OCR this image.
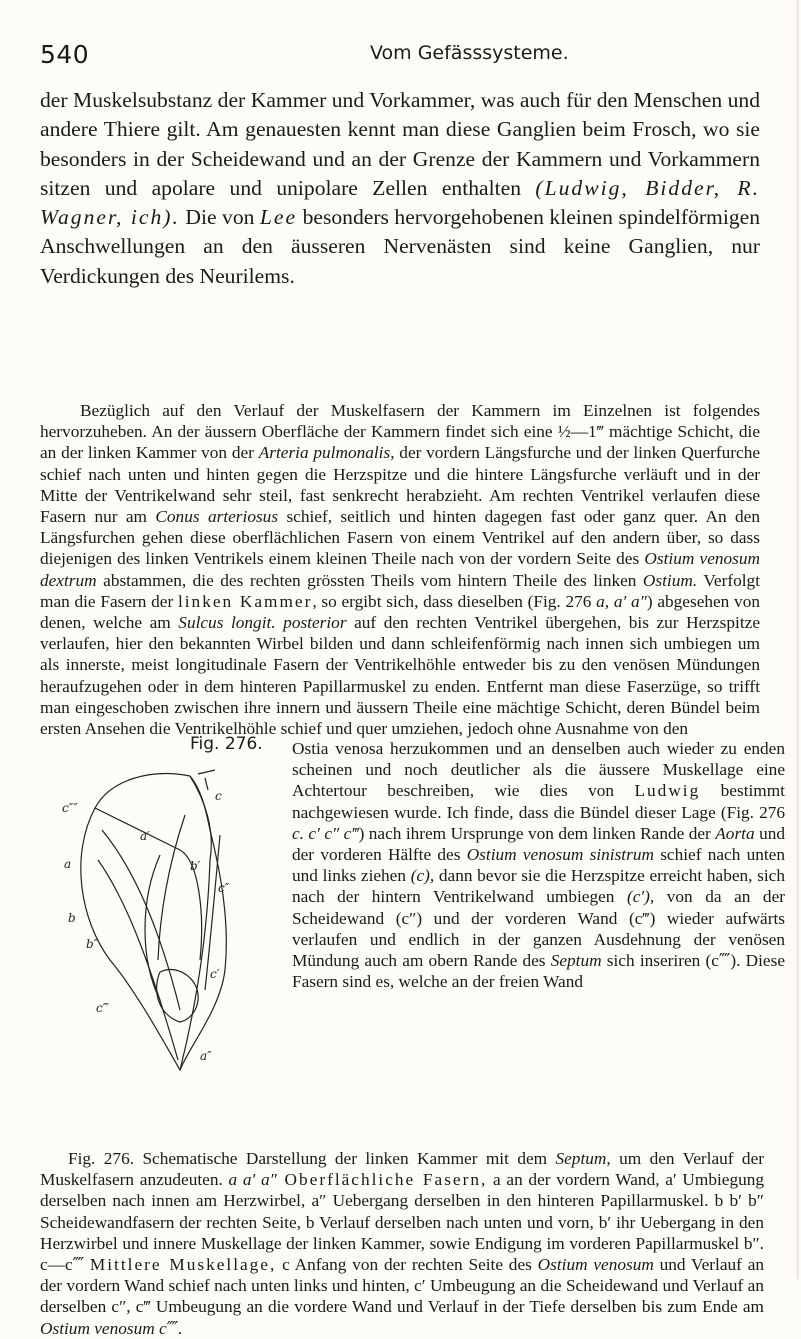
540	Vom Gefässsysteme.

der Muskelsubstanz der Kammer und Vorkammer, was auch für den Menschen und andere Thiere gilt. Am genauesten kennt man diese Ganglien beim Frosch, wo sie besonders in der Scheidewand und an der Grenze der Kammern und Vorkammern sitzen und apolare und unipolare Zellen enthalten (Ludwig, Bidder, R. Wagner, ich). Die von Lee besonders hervorgehobenen kleinen spindelförmigen Anschwellungen an den äusseren Nervenästen sind keine Ganglien, nur Verdickungen des Neurilems.

Bezüglich auf den Verlauf der Muskelfasern der Kammern im Einzelnen ist folgendes hervorzuheben. An der äussern Oberfläche der Kammern findet sich eine ½—1‴ mächtige Schicht, die an der linken Kammer von der Arteria pulmonalis, der vordern Längsfurche und der linken Querfurche schief nach unten und hinten gegen die Herzspitze und die hintere Längsfurche verläuft und in der Mitte der Ventrikelwand sehr steil, fast senkrecht herabzieht. Am rechten Ventrikel verlaufen diese Fasern nur am Conus arteriosus schief, seitlich und hinten dagegen fast oder ganz quer. An den Längsfurchen gehen diese oberflächlichen Fasern von einem Ventrikel auf den andern über, so dass diejenigen des linken Ventrikels einem kleinen Theile nach von der vordern Seite des Ostium venosum dextrum abstammen, die des rechten grössten Theils vom hintern Theile des linken Ostium. Verfolgt man die Fasern der linken Kammer, so ergibt sich, dass dieselben (Fig. 276 a, a′ a″) abgesehen von denen, welche am Sulcus longit. posterior auf den rechten Ventrikel übergehen, bis zur Herzspitze verlaufen, hier den bekannten Wirbel bilden und dann schleifenförmig nach innen sich umbiegen um als innerste, meist longitudinale Fasern der Ventrikelhöhle entweder bis zu den venösen Mündungen heraufzugehen oder in dem hinteren Papillarmuskel zu enden. Entfernt man diese Faserzüge, so trifft man eingeschoben zwischen ihre innern und äussern Theile eine mächtige Schicht, deren Bündel beim ersten Ansehen die Ventrikelhöhle schief und quer umziehen, jedoch ohne Ausnahme von den

Fig. 276.
c
c″″
a
a′
b
b′
b″
c′
c″
c‴
a″

Ostia venosa herzukommen und an denselben auch wieder zu enden scheinen und noch deutlicher als die äussere Muskellage eine Achtertour beschreiben, wie dies von Ludwig bestimmt nachgewiesen wurde. Ich finde, dass die Bündel dieser Lage (Fig. 276 c. c′ c″ c‴) nach ihrem Ursprunge von dem linken Rande der Aorta und der vorderen Hälfte des Ostium venosum sinistrum schief nach unten und links ziehen (c), dann bevor sie die Herzspitze erreicht haben, sich nach der hintern Ventrikelwand umbiegen (c′), von da an der Scheidewand (c″) und der vorderen Wand (c‴) wieder aufwärts verlaufen und endlich in der ganzen Ausdehnung der venösen Mündung auch am obern Rande des Septum sich inseriren (c⁗). Diese Fasern sind es, welche an der freien Wand

Fig. 276. Schematische Darstellung der linken Kammer mit dem Septum, um den Verlauf der Muskelfasern anzudeuten. a a′ a″ Oberflächliche Fasern, a an der vordern Wand, a′ Umbiegung derselben nach innen am Herzwirbel, a″ Uebergang derselben in den hinteren Papillarmuskel. b b′ b″ Scheidewandfasern der rechten Seite, b Verlauf derselben nach unten und vorn, b′ ihr Uebergang in den Herzwirbel und innere Muskellage der linken Kammer, sowie Endigung im vorderen Papillarmuskel b″. c—c⁗ Mittlere Muskellage, c Anfang von der rechten Seite des Ostium venosum und Verlauf an der vordern Wand schief nach unten links und hinten, c′ Umbeugung an die Scheidewand und Verlauf an derselben c″, c‴ Umbeugung an die vordere Wand und Verlauf in der Tiefe derselben bis zum Ende am Ostium venosum c⁗.
